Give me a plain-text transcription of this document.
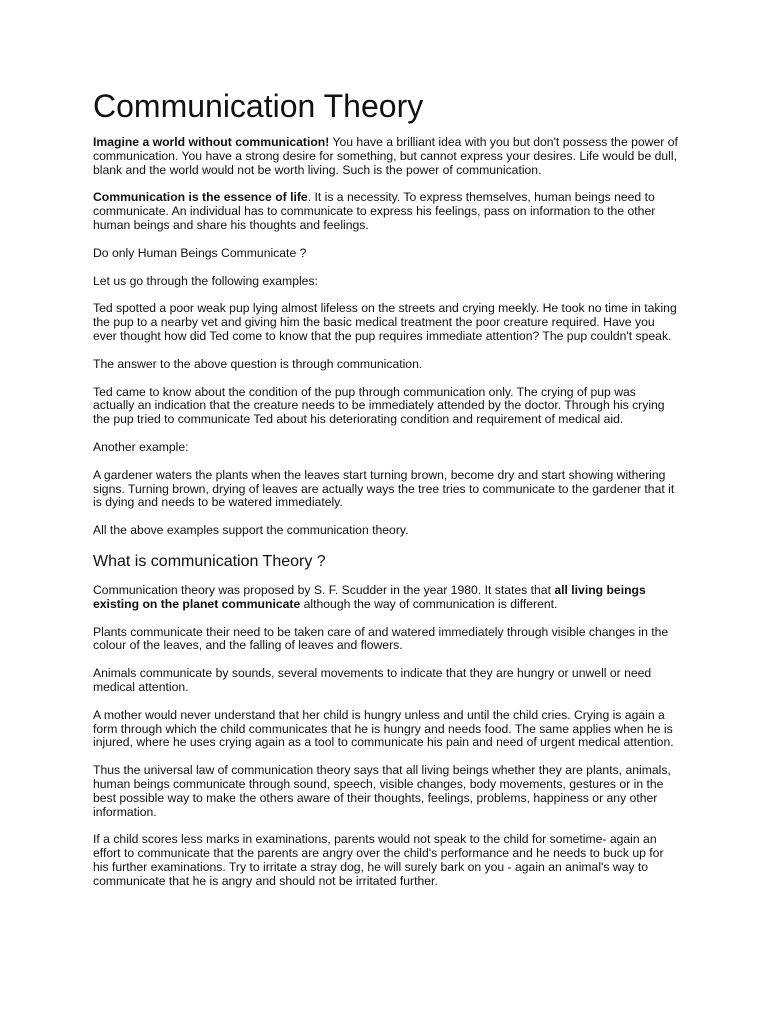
Communication Theory

Imagine a world without communication! You have a brilliant idea with you but don't possess the power of communication. You have a strong desire for something, but cannot express your desires. Life would be dull, blank and the world would not be worth living. Such is the power of communication.

Communication is the essence of life. It is a necessity. To express themselves, human beings need to communicate. An individual has to communicate to express his feelings, pass on information to the other human beings and share his thoughts and feelings.

Do only Human Beings Communicate ?

Let us go through the following examples:

Ted spotted a poor weak pup lying almost lifeless on the streets and crying meekly. He took no time in taking the pup to a nearby vet and giving him the basic medical treatment the poor creature required. Have you ever thought how did Ted come to know that the pup requires immediate attention? The pup couldn't speak.

The answer to the above question is through communication.

Ted came to know about the condition of the pup through communication only. The crying of pup was actually an indication that the creature needs to be immediately attended by the doctor. Through his crying the pup tried to communicate Ted about his deteriorating condition and requirement of medical aid.

Another example:

A gardener waters the plants when the leaves start turning brown, become dry and start showing withering signs. Turning brown, drying of leaves are actually ways the tree tries to communicate to the gardener that it is dying and needs to be watered immediately.

All the above examples support the communication theory.

What is communication Theory ?

Communication theory was proposed by S. F. Scudder in the year 1980. It states that all living beings existing on the planet communicate although the way of communication is different.

Plants communicate their need to be taken care of and watered immediately through visible changes in the colour of the leaves, and the falling of leaves and flowers.

Animals communicate by sounds, several movements to indicate that they are hungry or unwell or need medical attention.

A mother would never understand that her child is hungry unless and until the child cries. Crying is again a form through which the child communicates that he is hungry and needs food. The same applies when he is injured, where he uses crying again as a tool to communicate his pain and need of urgent medical attention.

Thus the universal law of communication theory says that all living beings whether they are plants, animals, human beings communicate through sound, speech, visible changes, body movements, gestures or in the best possible way to make the others aware of their thoughts, feelings, problems, happiness or any other information.

If a child scores less marks in examinations, parents would not speak to the child for sometime- again an effort to communicate that the parents are angry over the child's performance and he needs to buck up for his further examinations. Try to irritate a stray dog, he will surely bark on you - again an animal's way to communicate that he is angry and should not be irritated further.
